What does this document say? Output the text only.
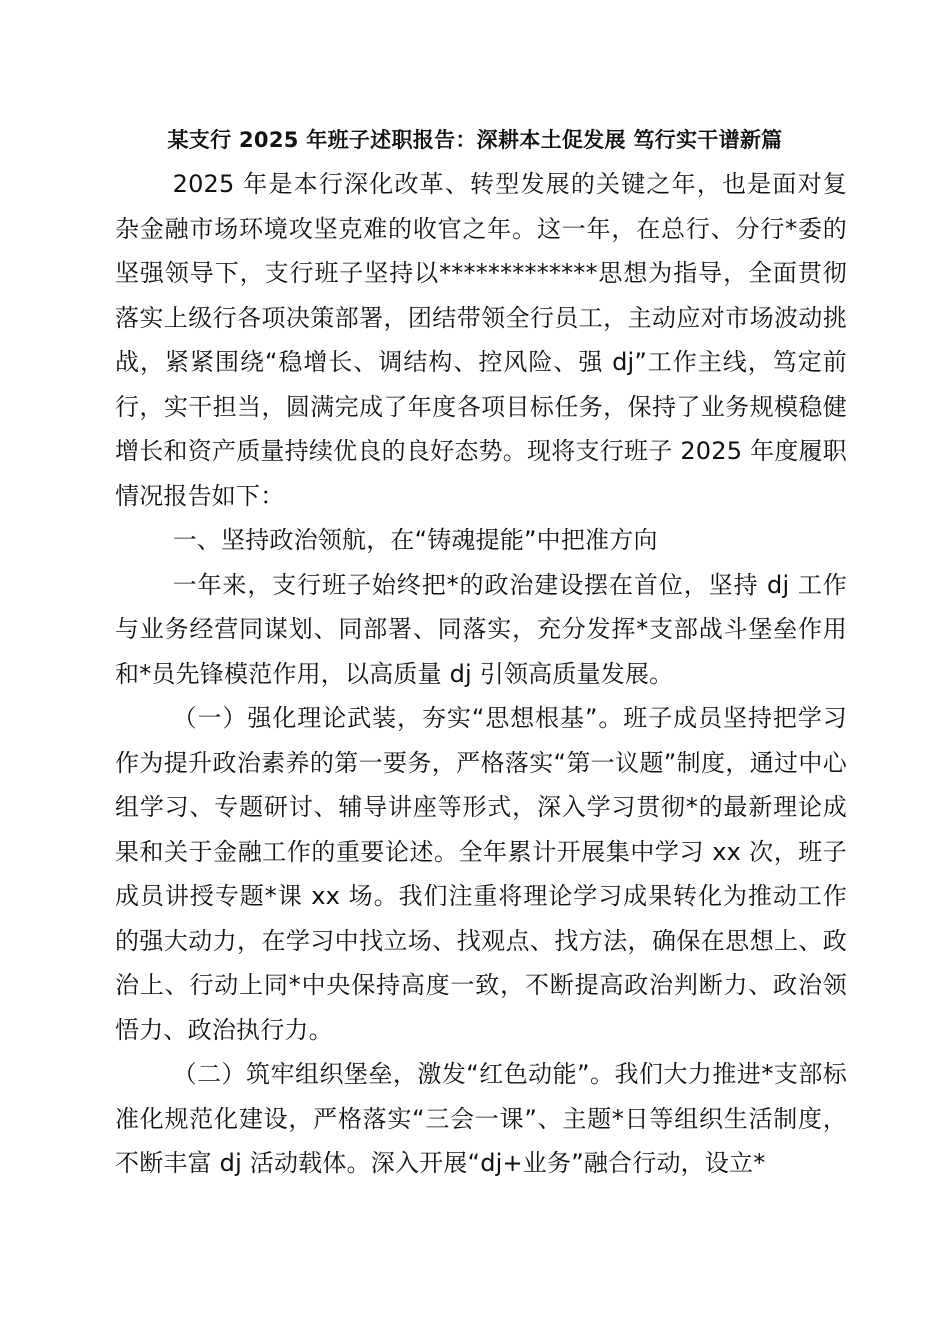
某支行 2025 年班子述职报告：深耕本土促发展 笃行实干谱新篇

2025 年是本行深化改革、转型发展的关键之年，也是面对复杂金融市场环境攻坚克难的收官之年。这一年，在总行、分行*委的坚强领导下，支行班子坚持以*************思想为指导，全面贯彻落实上级行各项决策部署，团结带领全行员工，主动应对市场波动挑战，紧紧围绕“稳增长、调结构、控风险、强 dj”工作主线，笃定前行，实干担当，圆满完成了年度各项目标任务，保持了业务规模稳健增长和资产质量持续优良的良好态势。现将支行班子 2025 年度履职情况报告如下：

一、坚持政治领航，在“铸魂提能”中把准方向

一年来，支行班子始终把*的政治建设摆在首位，坚持 dj 工作与业务经营同谋划、同部署、同落实，充分发挥*支部战斗堡垒作用和*员先锋模范作用，以高质量 dj 引领高质量发展。

（一）强化理论武装，夯实“思想根基”。班子成员坚持把学习作为提升政治素养的第一要务，严格落实“第一议题”制度，通过中心组学习、专题研讨、辅导讲座等形式，深入学习贯彻*的最新理论成果和关于金融工作的重要论述。全年累计开展集中学习 xx 次，班子成员讲授专题*课 xx 场。我们注重将理论学习成果转化为推动工作的强大动力，在学习中找立场、找观点、找方法，确保在思想上、政治上、行动上同*中央保持高度一致，不断提高政治判断力、政治领悟力、政治执行力。

（二）筑牢组织堡垒，激发“红色动能”。我们大力推进*支部标准化规范化建设，严格落实“三会一课”、主题*日等组织生活制度，不断丰富 dj 活动载体。深入开展“dj+业务”融合行动，设立*
